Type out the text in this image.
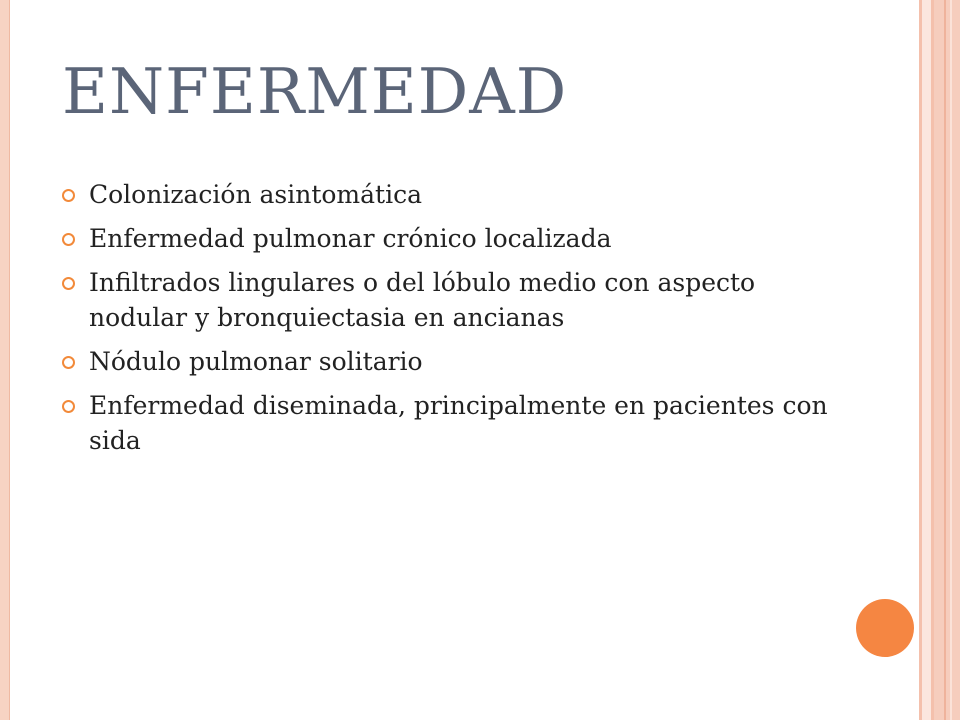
ENFERMEDAD
Colonización asintomática
Enfermedad pulmonar crónico localizada
Infiltrados lingulares o del lóbulo medio con aspecto nodular y bronquiectasia en ancianas
Nódulo pulmonar solitario
Enfermedad diseminada, principalmente en pacientes con sida
